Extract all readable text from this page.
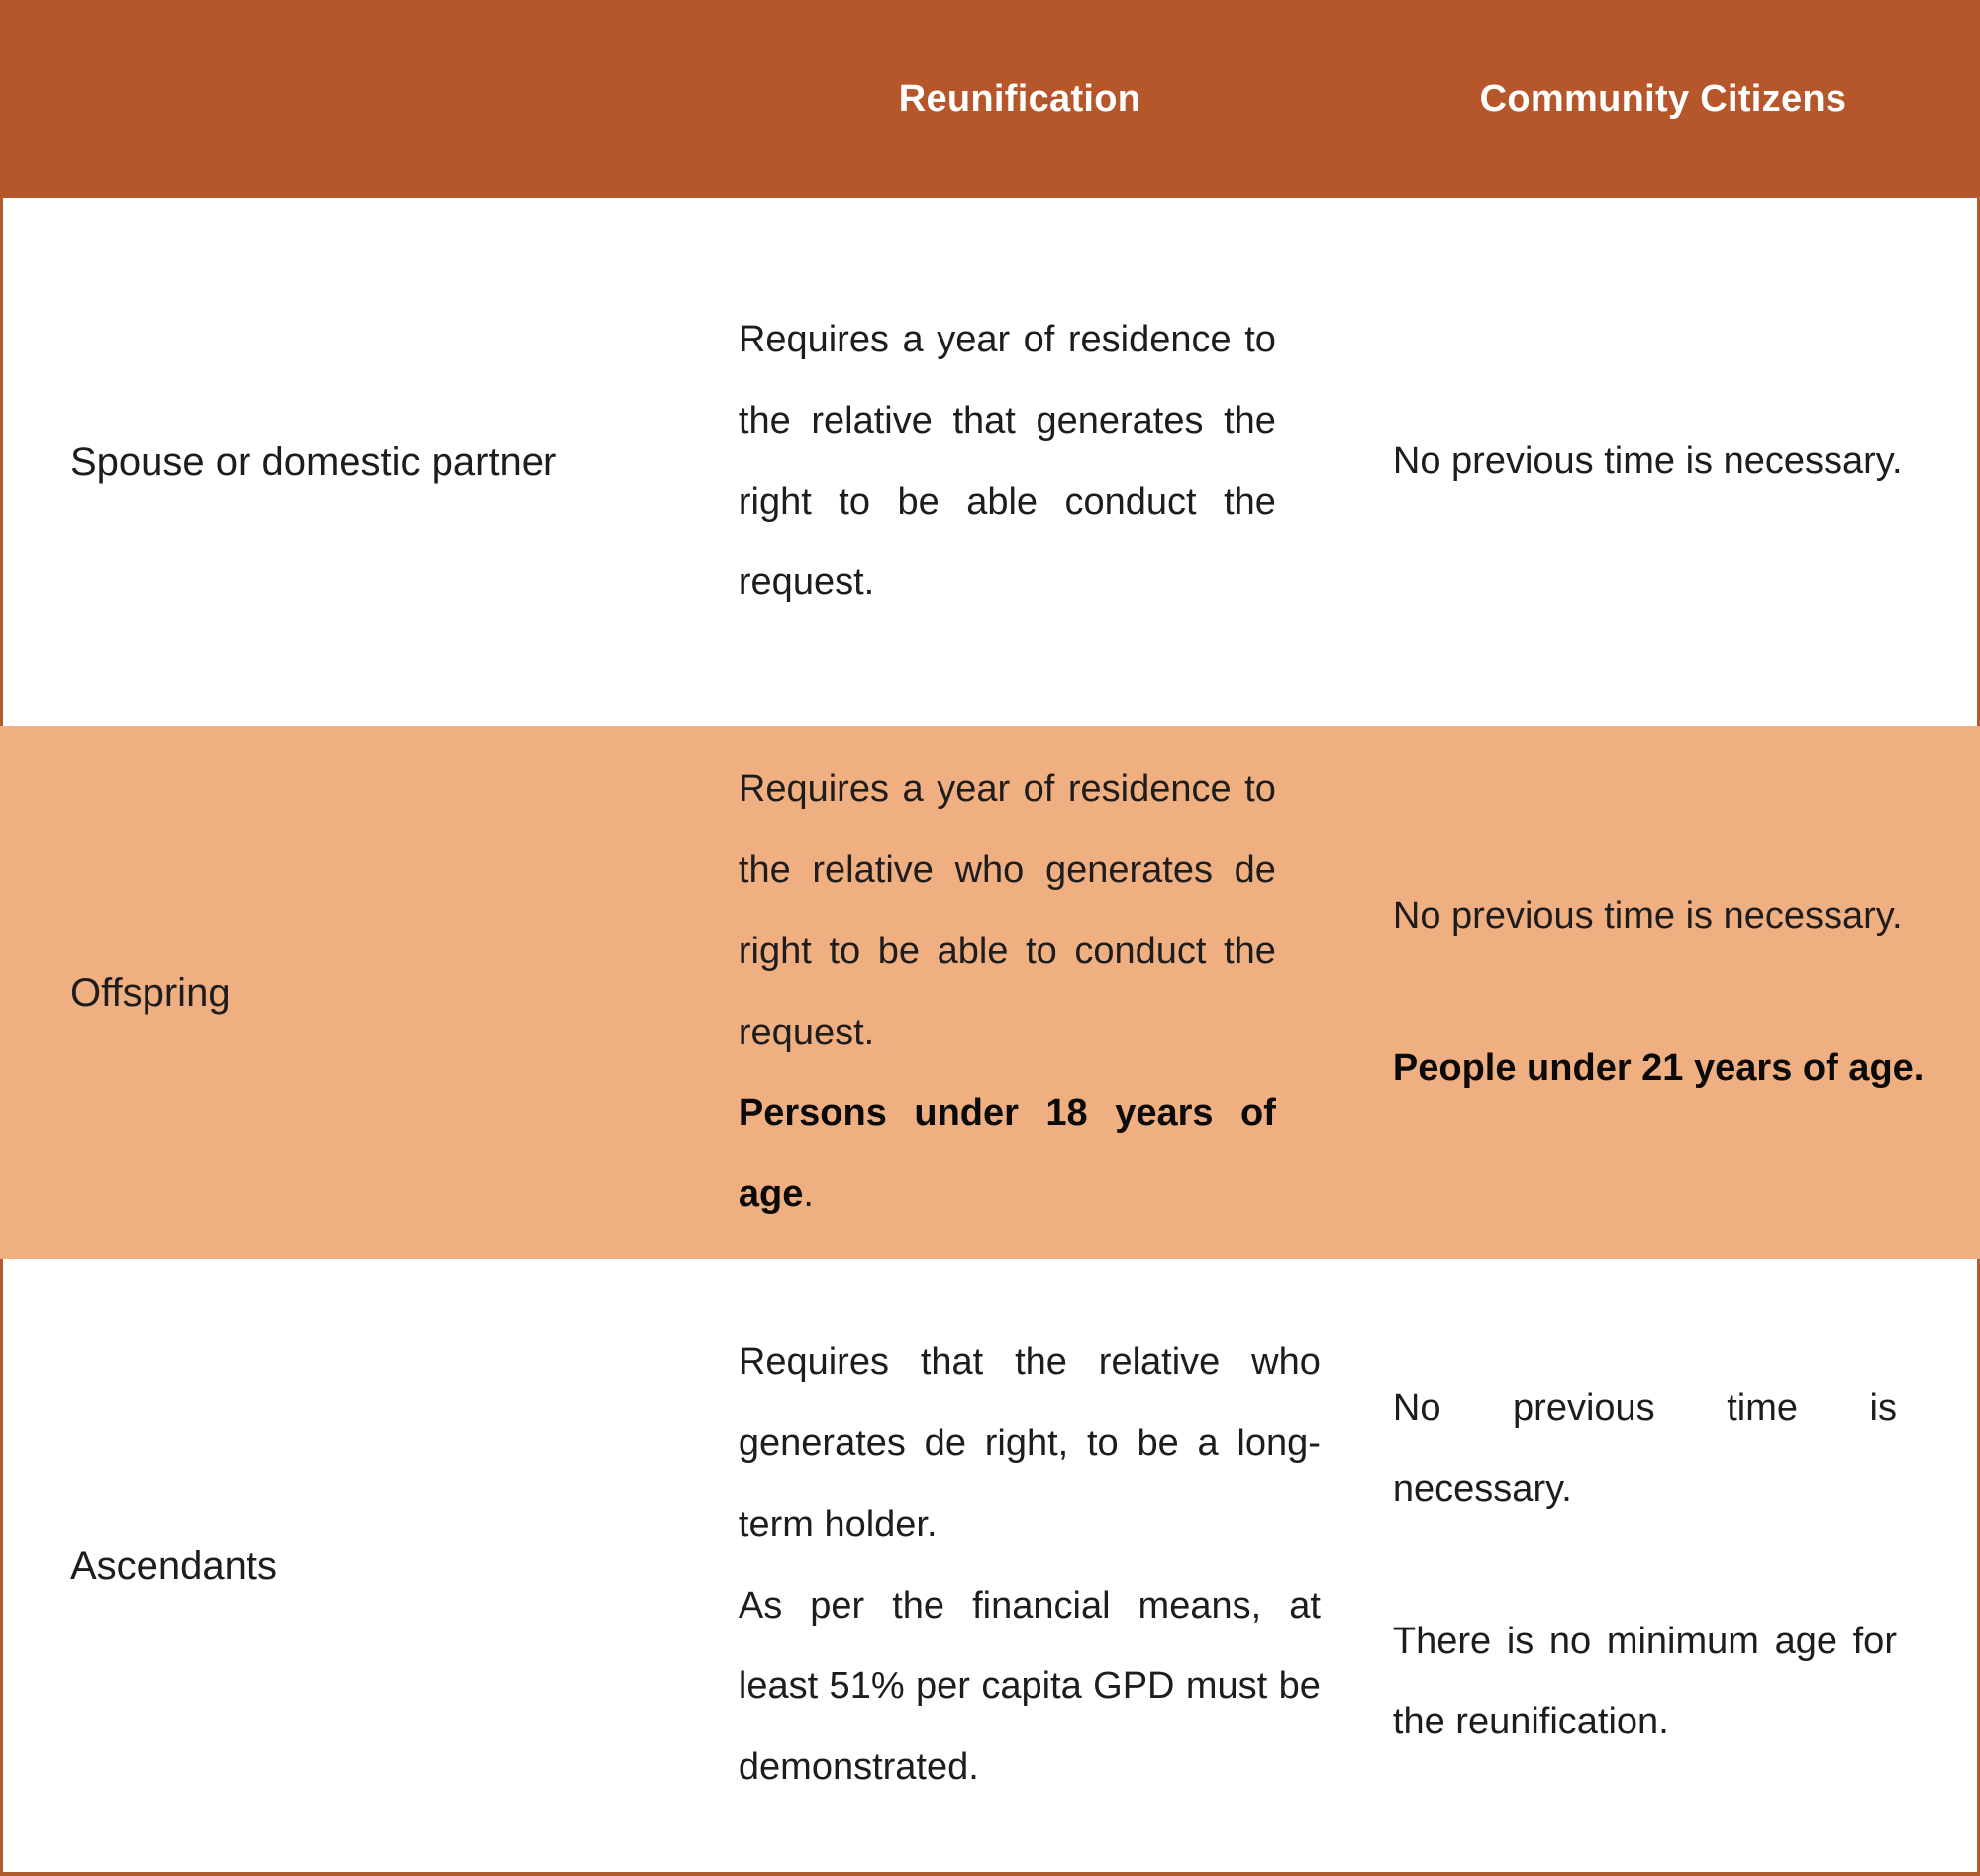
Reunification	Community Citizens

Spouse or domestic partner

Requires a year of residence to the relative that generates the right to be able conduct the request.

No previous time is necessary.

Offspring

Requires a year of residence to the relative who generates de right to be able to conduct the request.

Persons under 18 years of age.

No previous time is necessary.

People under 21 years of age.

Ascendants

Requires that the relative who generates de right, to be a long-term holder.

As per the financial means, at least 51% per capita GPD must be demonstrated.

No previous time is necessary.

There is no minimum age for the reunification.
